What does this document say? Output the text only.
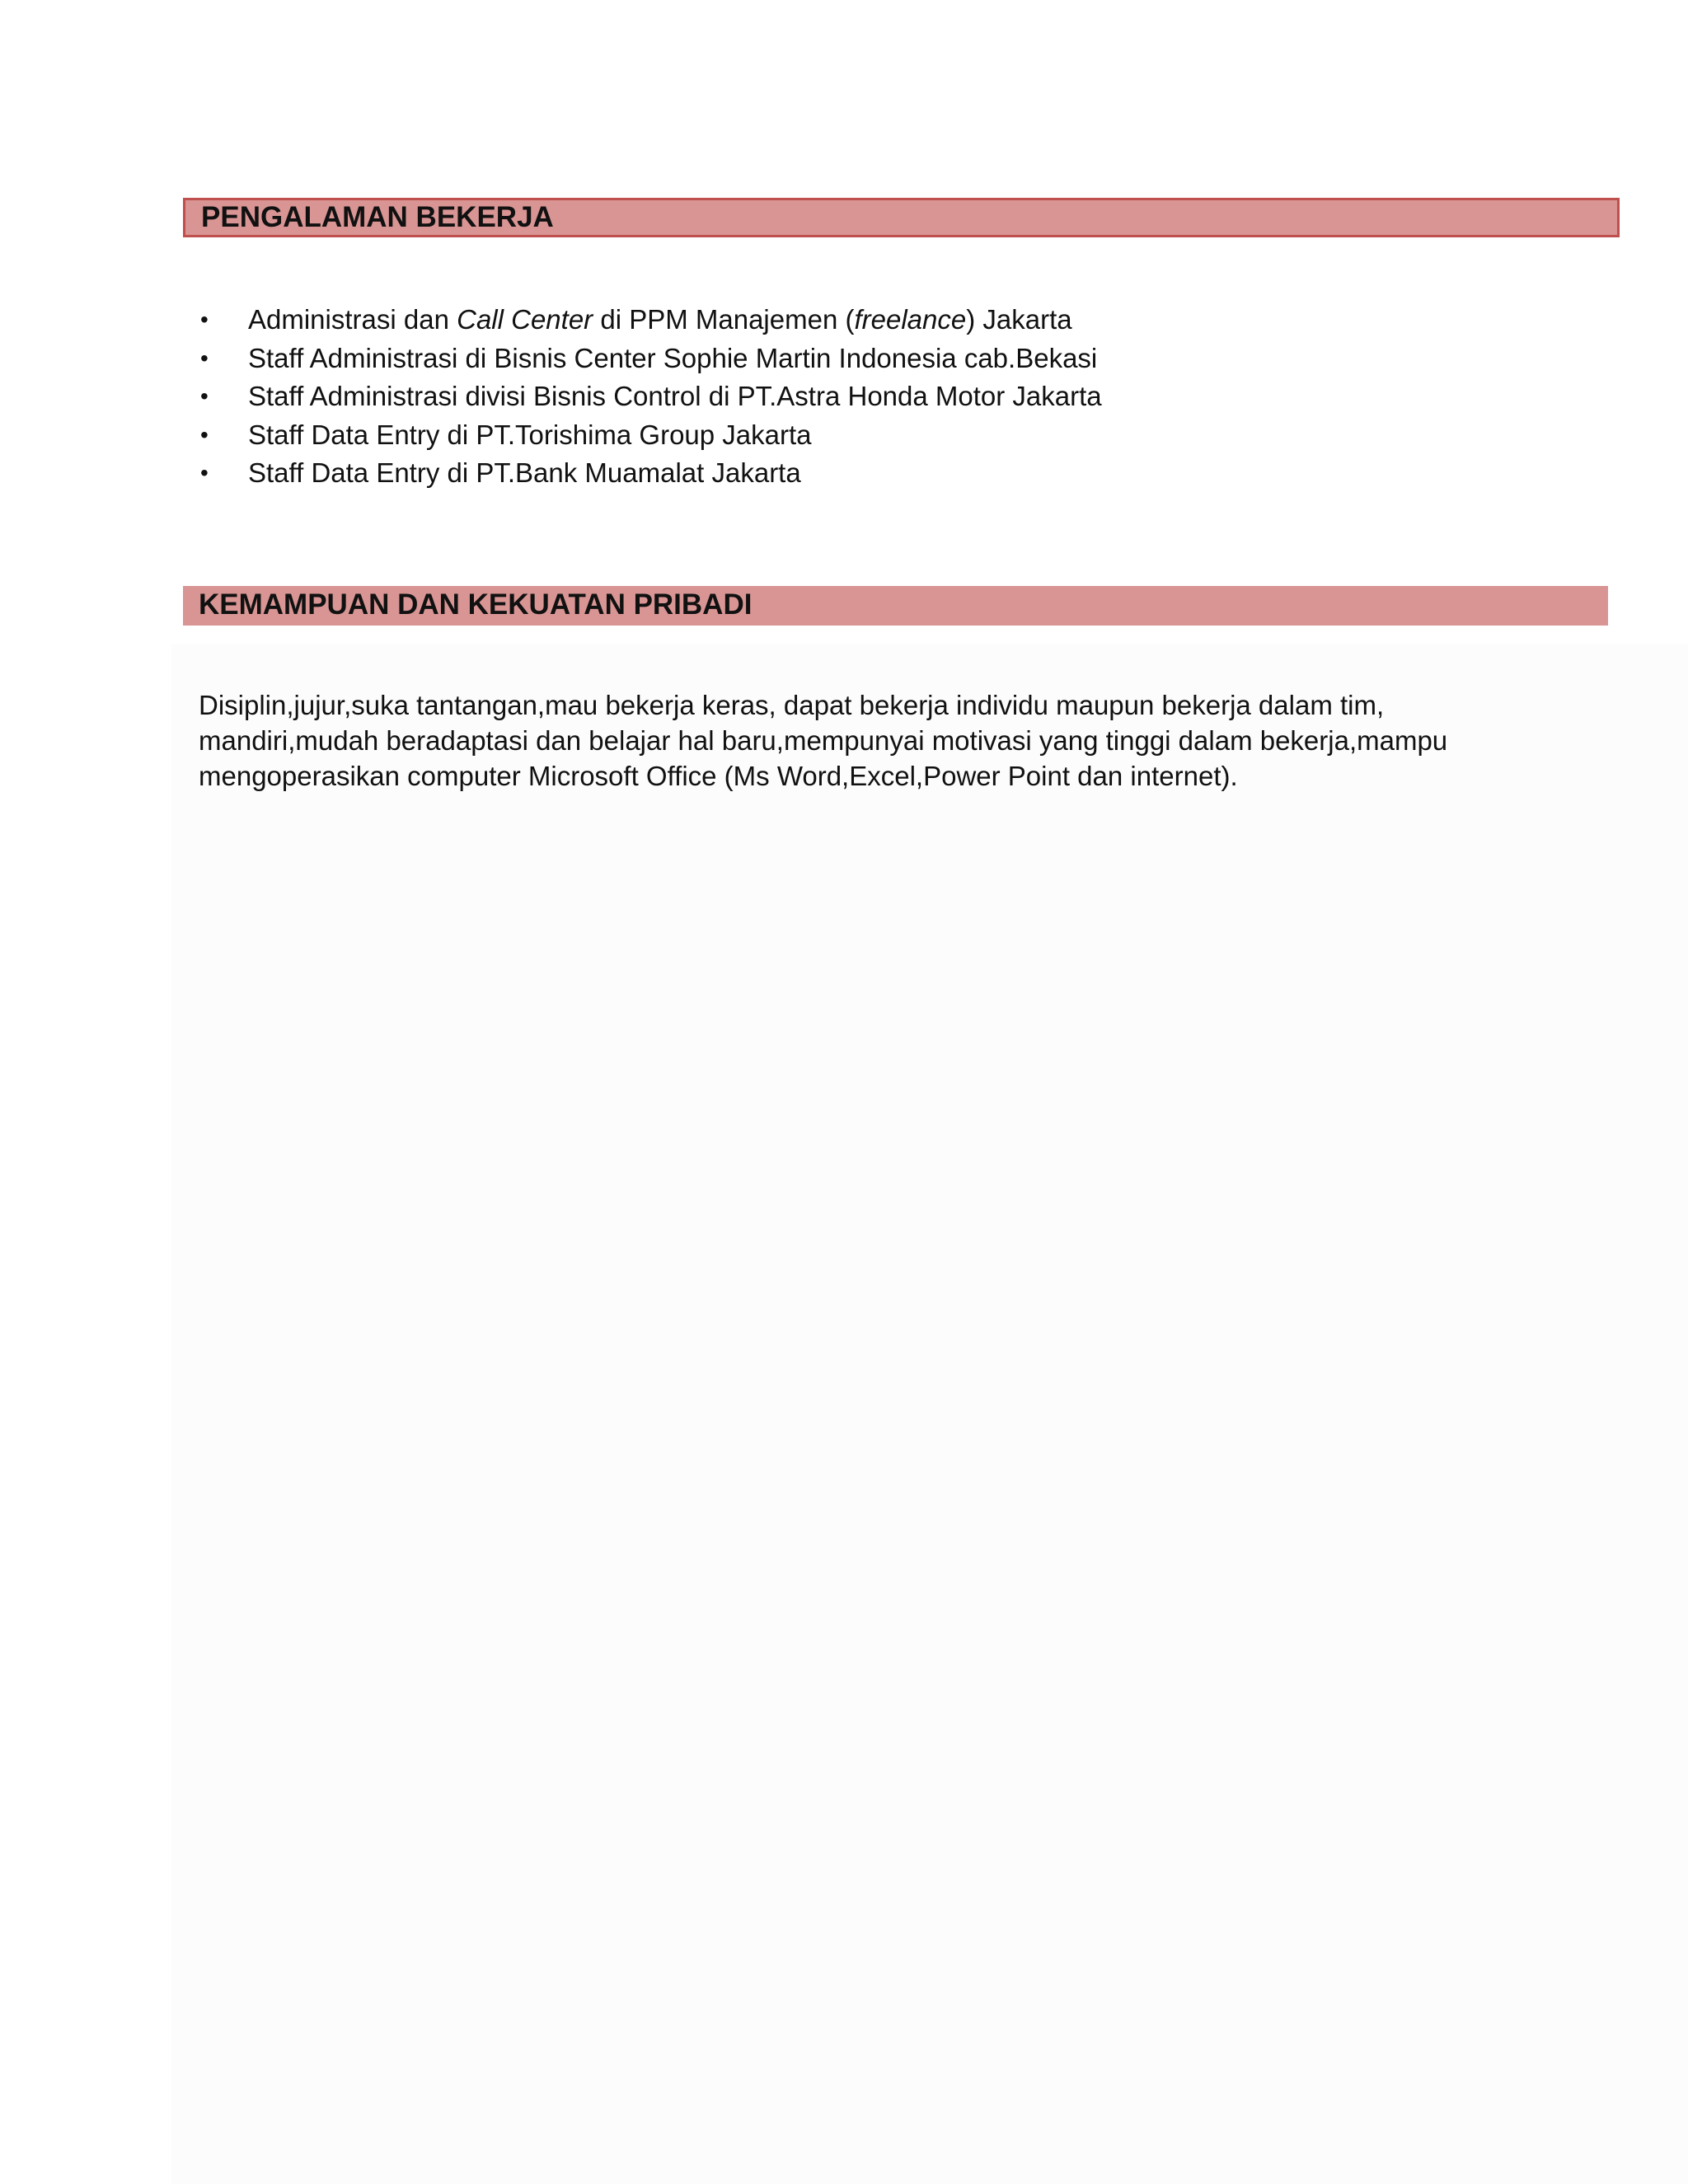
PENGALAMAN BEKERJA
• Administrasi dan Call Center di PPM Manajemen (freelance) Jakarta
• Staff Administrasi di Bisnis Center Sophie Martin Indonesia cab.Bekasi
• Staff Administrasi divisi Bisnis Control di PT.Astra Honda Motor Jakarta
• Staff Data Entry di PT.Torishima Group Jakarta
• Staff Data Entry di PT.Bank Muamalat Jakarta
KEMAMPUAN DAN KEKUATAN PRIBADI

Disiplin,jujur,suka tantangan,mau bekerja keras, dapat bekerja individu maupun bekerja dalam tim,
mandiri,mudah beradaptasi dan belajar hal baru,mempunyai motivasi yang tinggi dalam bekerja,mampu
mengoperasikan computer Microsoft Office (Ms Word,Excel,Power Point dan internet).
